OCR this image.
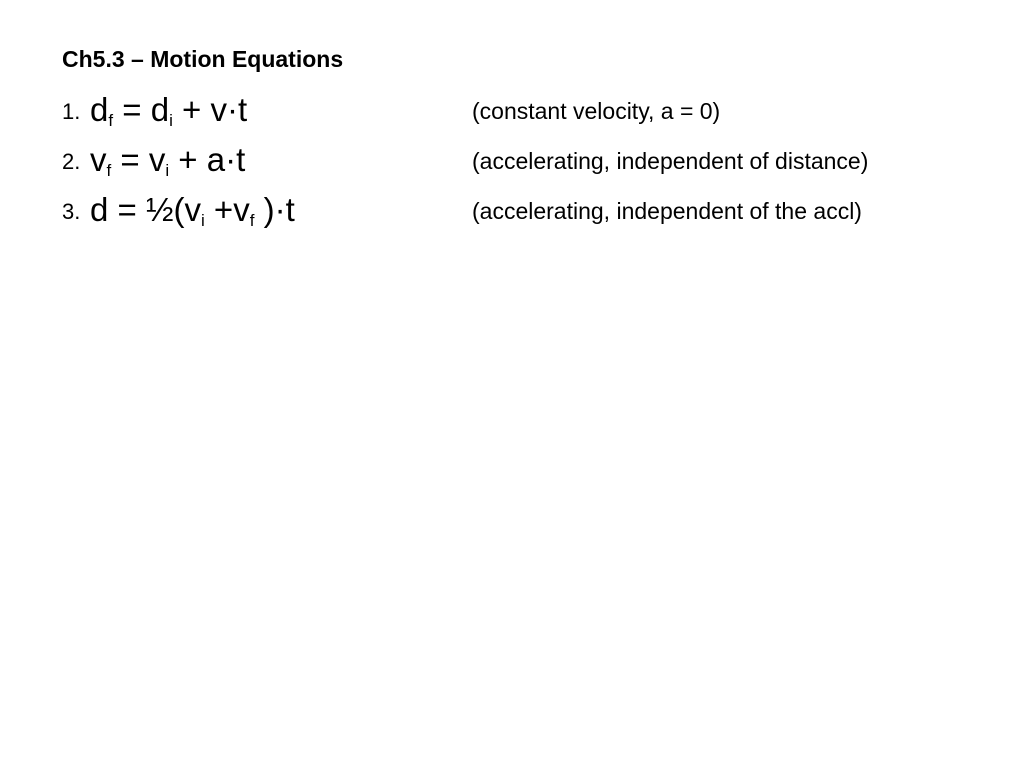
Ch5.3 – Motion Equations
1. $d_f = d_i + v\cdot t$	(constant velocity, a = 0)
2. $v_f = v_i + a\cdot t$	(accelerating, independent of distance)
3. $d = \frac{1}{2}(v_i +v_f$ )·t	(accelerating, independent of the accl)
